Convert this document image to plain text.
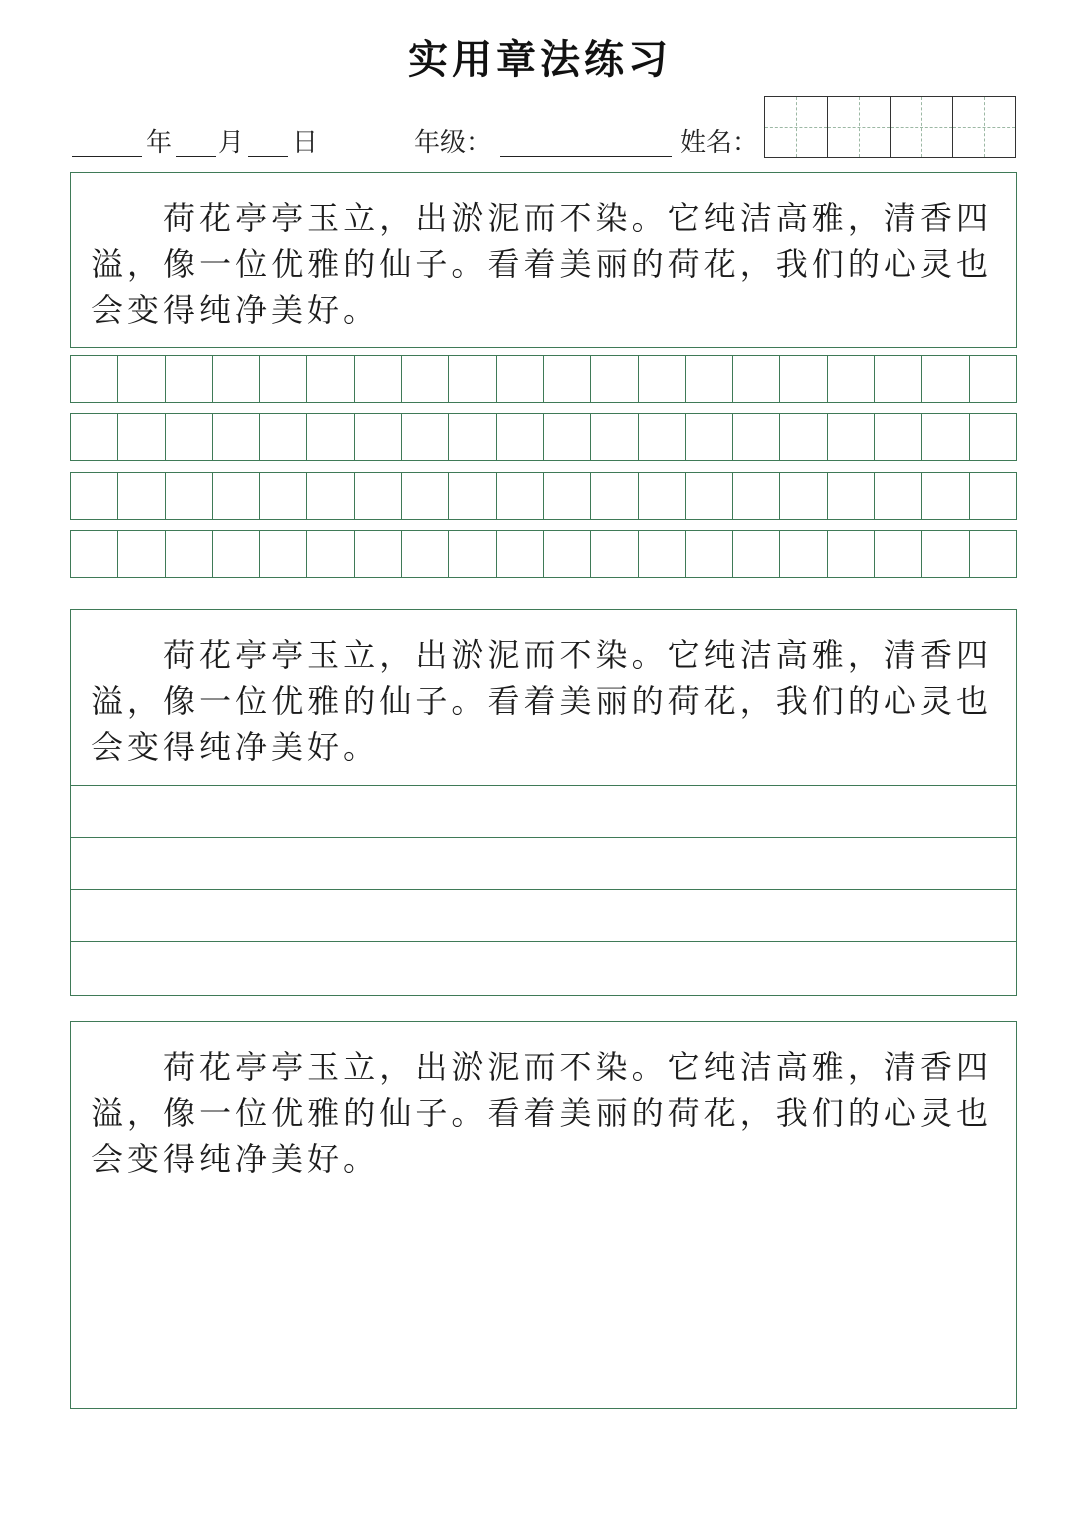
实用章法练习
年 月 日	年级：	姓名：

荷花亭亭玉立，出淤泥而不染。它纯洁高雅，清香四溢，像一位优雅的仙子。看着美丽的荷花，我们的心灵也会变得纯净美好。

荷花亭亭玉立，出淤泥而不染。它纯洁高雅，清香四溢，像一位优雅的仙子。看着美丽的荷花，我们的心灵也会变得纯净美好。

荷花亭亭玉立，出淤泥而不染。它纯洁高雅，清香四溢，像一位优雅的仙子。看着美丽的荷花，我们的心灵也会变得纯净美好。
